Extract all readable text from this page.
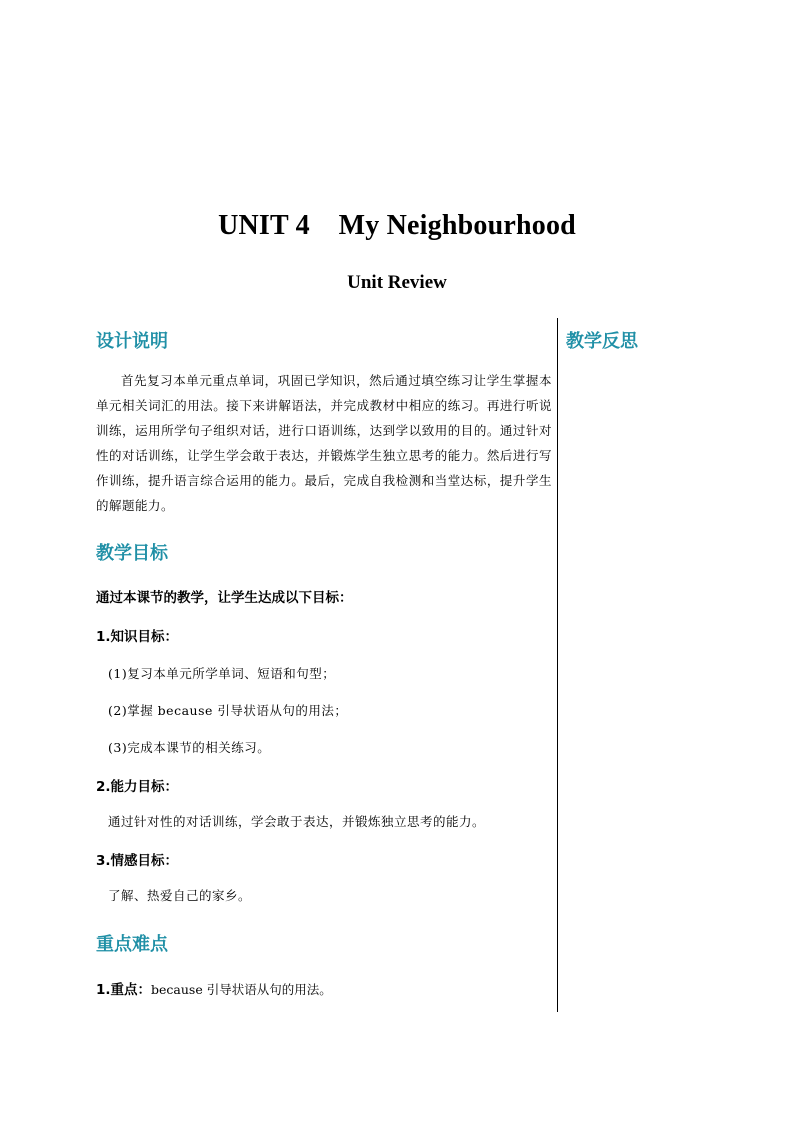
UNIT 4    My Neighbourhood
Unit Review
设计说明	教学反思
首先复习本单元重点单词，巩固已学知识，然后通过填空练习让学生掌握本单元相关词汇的用法。接下来讲解语法，并完成教材中相应的练习。再进行听说训练，运用所学句子组织对话，进行口语训练，达到学以致用的目的。通过针对性的对话训练，让学生学会敢于表达，并锻炼学生独立思考的能力。然后进行写作训练，提升语言综合运用的能力。最后，完成自我检测和当堂达标，提升学生的解题能力。
教学目标
通过本课节的教学，让学生达成以下目标：
1.知识目标：
(1)复习本单元所学单词、短语和句型；
(2)掌握 because 引导状语从句的用法；
(3)完成本课节的相关练习。
2.能力目标：
通过针对性的对话训练，学会敢于表达，并锻炼独立思考的能力。
3.情感目标：
了解、热爱自己的家乡。
重点难点
1.重点：because 引导状语从句的用法。
